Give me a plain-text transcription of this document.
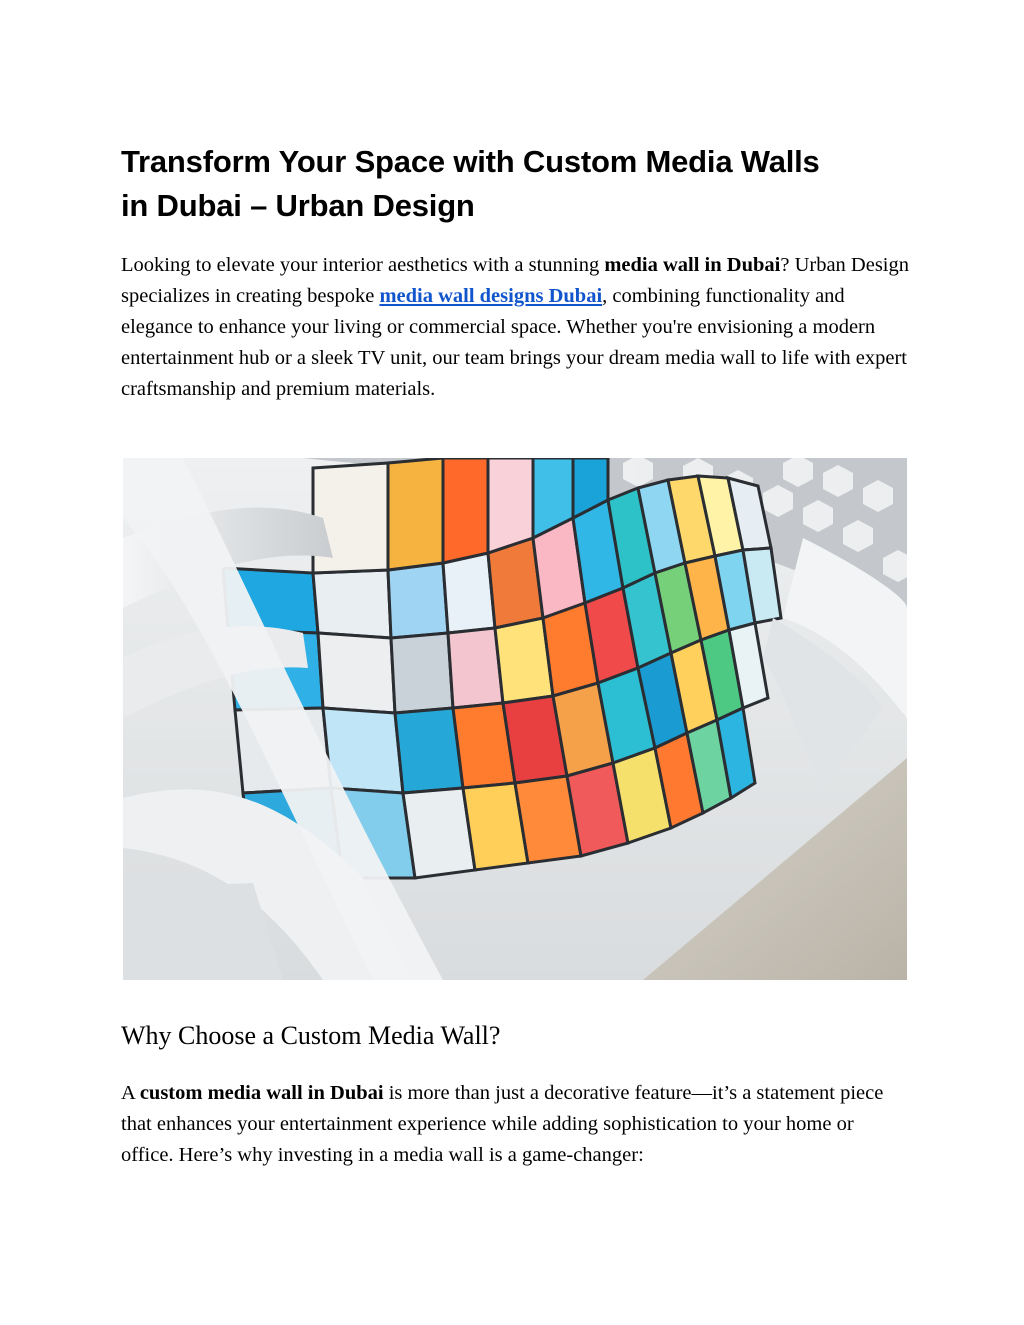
Transform Your Space with Custom Media Walls
in Dubai – Urban Design

Looking to elevate your interior aesthetics with a stunning media wall in Dubai? Urban Design specializes in creating bespoke media wall designs Dubai, combining functionality and elegance to enhance your living or commercial space. Whether you're envisioning a modern entertainment hub or a sleek TV unit, our team brings your dream media wall to life with expert craftsmanship and premium materials.

Why Choose a Custom Media Wall?

A custom media wall in Dubai is more than just a decorative feature—it’s a statement piece that enhances your entertainment experience while adding sophistication to your home or office. Here’s why investing in a media wall is a game-changer:
